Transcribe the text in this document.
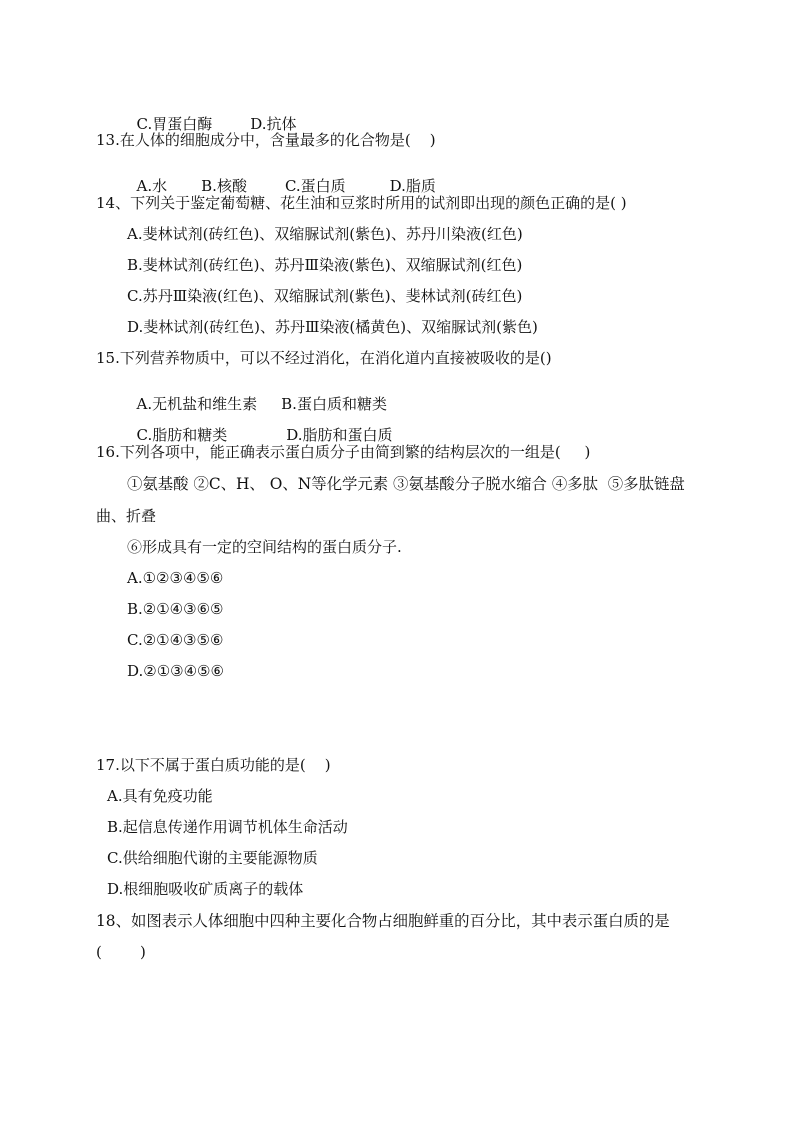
C.胃蛋白酶	D.抗体

13.在人体的细胞成分中，含量最多的化合物是(    )

A.水 B.核酸	C.蛋白质	D.脂质

14、下列关于鉴定葡萄糖、花生油和豆浆时所用的试剂即出现的颜色正确的是( )
A.斐林试剂(砖红色)、双缩脲试剂(紫色)、苏丹川染液(红色)
B.斐林试剂(砖红色)、苏丹Ⅲ染液(紫色)、双缩脲试剂(红色)
C.苏丹Ⅲ染液(红色)、双缩脲试剂(紫色)、斐林试剂(砖红色)
D.斐林试剂(砖红色)、苏丹Ⅲ染液(橘黄色)、双缩脲试剂(紫色)
15.下列营养物质中，可以不经过消化，在消化道内直接被吸收的是()

A.无机盐和维生素 B.蛋白质和糖类

C.脂肪和糖类	D.脂肪和蛋白质

16.下列各项中，能正确表示蛋白质分子由简到繁的结构层次的一组是(     )
①氨基酸 ②C、H、 O、N等化学元素 ③氨基酸分子脱水缩合 ④多肽  ⑤多肽链盘
曲、折叠
⑥形成具有一定的空间结构的蛋白质分子.
A.①②③④⑤⑥
B.②①④③⑥⑤
C.②①④③⑤⑥
D.②①③④⑤⑥
17.以下不属于蛋白质功能的是(    )
A.具有免疫功能
B.起信息传递作用调节机体生命活动
C.供给细胞代谢的主要能源物质
D.根细胞吸收矿质离子的载体
18、如图表示人体细胞中四种主要化合物占细胞鲜重的百分比，其中表示蛋白质的是
(        )
